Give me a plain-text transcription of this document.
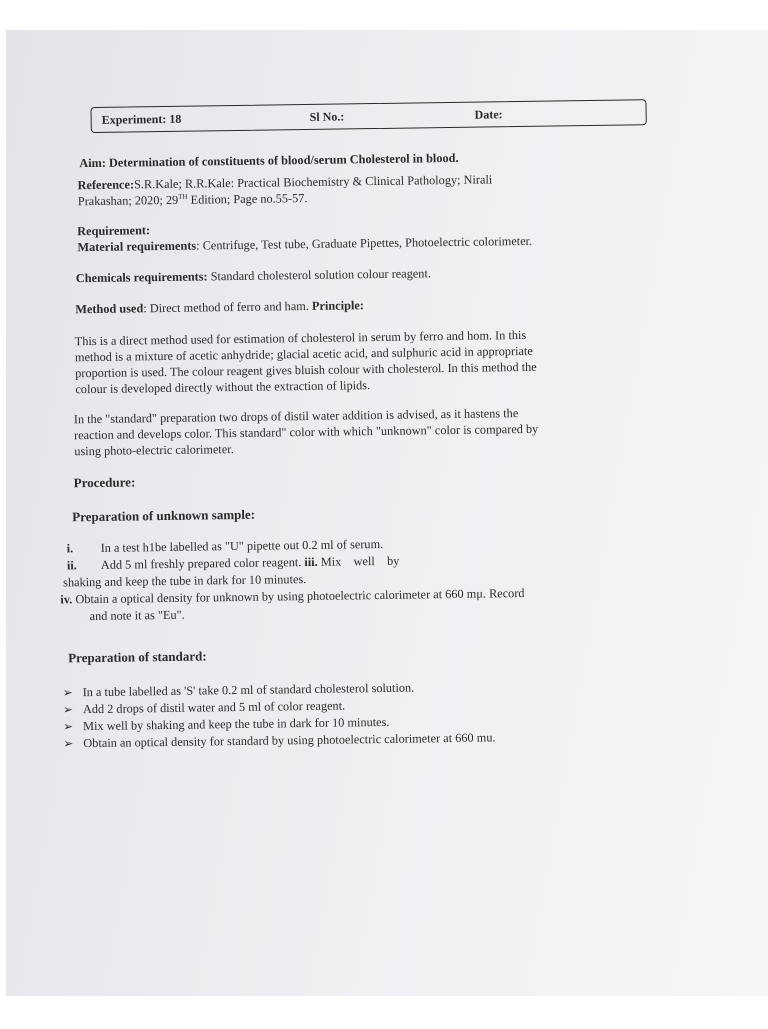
Experiment: 18	Sl No.:	Date:
Aim: Determination of constituents of blood/serum Cholesterol in blood.
Reference:S.R.Kale; R.R.Kale: Practical Biochemistry & Clinical Pathology; Nirali
Prakashan; 2020; 29TH Edition; Page no.55-57.
Requirement:
Material requirements: Centrifuge, Test tube, Graduate Pipettes, Photoelectric colorimeter.
Chemicals requirements: Standard cholesterol solution colour reagent.
Method used: Direct method of ferro and ham. Principle:
This is a direct method used for estimation of cholesterol in serum by ferro and hom. In this
method is a mixture of acetic anhydride; glacial acetic acid, and sulphuric acid in appropriate
proportion is used. The colour reagent gives bluish colour with cholesterol. In this method the
colour is developed directly without the extraction of lipids.
In the "standard" preparation two drops of distil water addition is advised, as it hastens the
reaction and develops color. This standard" color with which "unknown" color is compared by
using photo-electric calorimeter.
Procedure:
Preparation of unknown sample:
i. In a test h1be labelled as "U" pipette out 0.2 ml of serum.
ii. Add 5 ml freshly prepared color reagent. iii. Mix    well    by
shaking and keep the tube in dark for 10 minutes.
iv. Obtain a optical density for unknown by using photoelectric calorimeter at 660 mμ. Record
and note it as "Eu".
Preparation of standard:
➢ In a tube labelled as 'S' take 0.2 ml of standard cholesterol solution.
➢ Add 2 drops of distil water and 5 ml of color reagent.
➢ Mix well by shaking and keep the tube in dark for 10 minutes.
➢ Obtain an optical density for standard by using photoelectric calorimeter at 660 mu.
